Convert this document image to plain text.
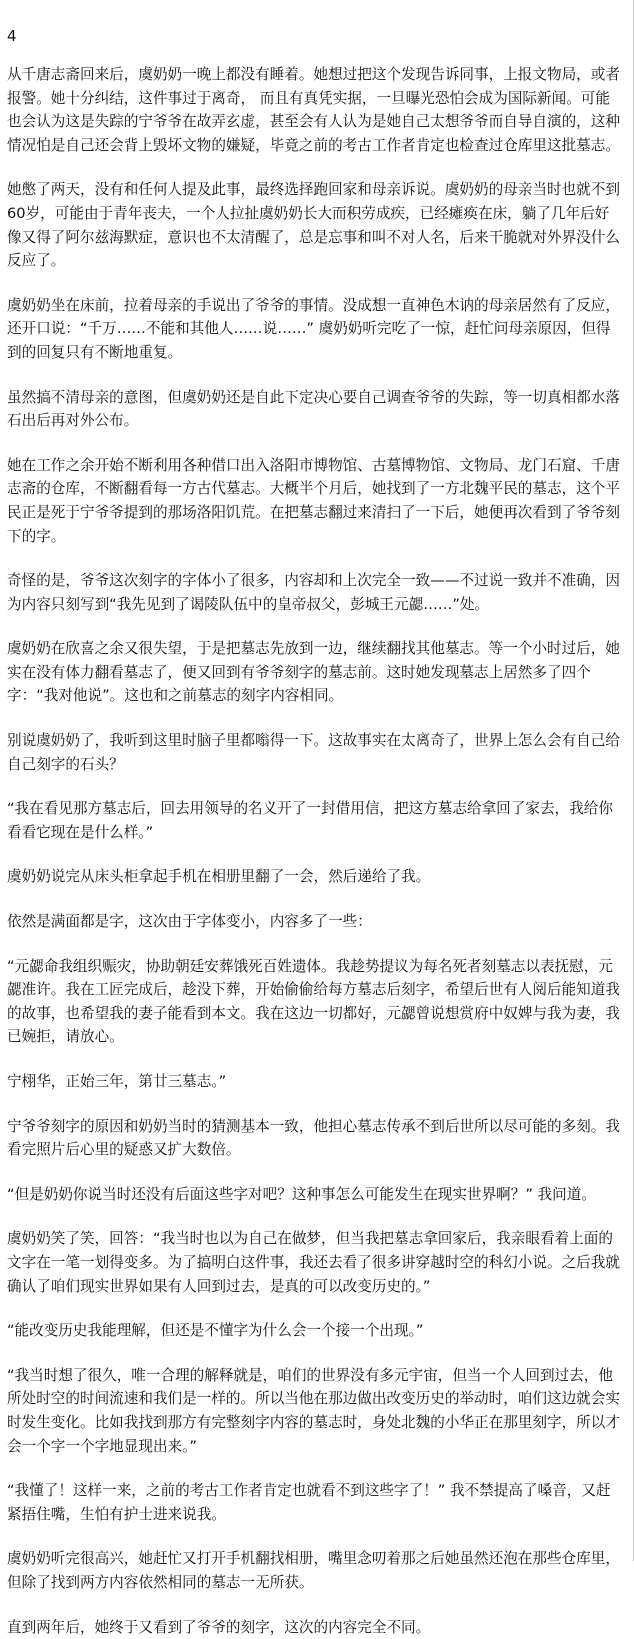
4

从千唐志斋回来后，虞奶奶一晚上都没有睡着。她想过把这个发现告诉同事，上报文物局，或者报警。她十分纠结，这件事过于离奇， 而且有真凭实据，一旦曝光恐怕会成为国际新闻。可能也会认为这是失踪的宁爷爷在故弄玄虚，甚至会有人认为是她自己太想爷爷而自导自演的，这种情况怕是自己还会背上毁坏文物的嫌疑，毕竟之前的考古工作者肯定也检查过仓库里这批墓志。

她憋了两天，没有和任何人提及此事，最终选择跑回家和母亲诉说。虞奶奶的母亲当时也就不到60岁，可能由于青年丧夫，一个人拉扯虞奶奶长大而积劳成疾，已经瘫痪在床，躺了几年后好像又得了阿尔兹海默症，意识也不太清醒了，总是忘事和叫不对人名，后来干脆就对外界没什么反应了。

虞奶奶坐在床前，拉着母亲的手说出了爷爷的事情。没成想一直神色木讷的母亲居然有了反应，还开口说：“千万……不能和其他人……说……” 虞奶奶听完吃了一惊，赶忙问母亲原因，但得到的回复只有不断地重复。

虽然搞不清母亲的意图，但虞奶奶还是自此下定决心要自己调查爷爷的失踪，等一切真相都水落石出后再对外公布。

她在工作之余开始不断利用各种借口出入洛阳市博物馆、古墓博物馆、文物局、龙门石窟、千唐志斋的仓库，不断翻看每一方古代墓志。大概半个月后，她找到了一方北魏平民的墓志，这个平民正是死于宁爷爷提到的那场洛阳饥荒。在把墓志翻过来清扫了一下后，她便再次看到了爷爷刻下的字。

奇怪的是，爷爷这次刻字的字体小了很多，内容却和上次完全一致——不过说一致并不准确，因为内容只刻写到“我先见到了谒陵队伍中的皇帝叔父，彭城王元勰……”处。

虞奶奶在欣喜之余又很失望，于是把墓志先放到一边，继续翻找其他墓志。等一个小时过后，她实在没有体力翻看墓志了，便又回到有爷爷刻字的墓志前。这时她发现墓志上居然多了四个字：“我对他说”。这也和之前墓志的刻字内容相同。

别说虞奶奶了，我听到这里时脑子里都嗡得一下。这故事实在太离奇了，世界上怎么会有自己给自己刻字的石头？

“我在看见那方墓志后，回去用领导的名义开了一封借用信，把这方墓志给拿回了家去，我给你看看它现在是什么样。”

虞奶奶说完从床头柜拿起手机在相册里翻了一会，然后递给了我。

依然是满面都是字，这次由于字体变小，内容多了一些：

“元勰命我组织赈灾，协助朝廷安葬饿死百姓遗体。我趁势提议为每名死者刻墓志以表抚慰，元勰准许。我在工匠完成后，趁没下葬，开始偷偷给每方墓志后刻字，希望后世有人阅后能知道我的故事，也希望我的妻子能看到本文。我在这边一切都好，元勰曾说想赏府中奴婢与我为妻，我已婉拒，请放心。

宁栩华，正始三年，第廿三墓志。”

宁爷爷刻字的原因和奶奶当时的猜测基本一致，他担心墓志传承不到后世所以尽可能的多刻。我看完照片后心里的疑惑又扩大数倍。

“但是奶奶你说当时还没有后面这些字对吧？这种事怎么可能发生在现实世界啊？” 我问道。

虞奶奶笑了笑，回答：“我当时也以为自己在做梦，但当我把墓志拿回家后，我亲眼看着上面的文字在一笔一划得变多。为了搞明白这件事，我还去看了很多讲穿越时空的科幻小说。之后我就确认了咱们现实世界如果有人回到过去，是真的可以改变历史的。”

“能改变历史我能理解，但还是不懂字为什么会一个接一个出现。”

“我当时想了很久，唯一合理的解释就是，咱们的世界没有多元宇宙，但当一个人回到过去，他所处时空的时间流速和我们是一样的。所以当他在那边做出改变历史的举动时，咱们这边就会实时发生变化。比如我找到那方有完整刻字内容的墓志时，身处北魏的小华正在那里刻字，所以才会一个字一个字地显现出来。”

“我懂了！这样一来，之前的考古工作者肯定也就看不到这些字了！” 我不禁提高了嗓音，又赶紧捂住嘴，生怕有护士进来说我。

虞奶奶听完很高兴，她赶忙又打开手机翻找相册，嘴里念叨着那之后她虽然还泡在那些仓库里，但除了找到两方内容依然相同的墓志一无所获。

直到两年后，她终于又看到了爷爷的刻字，这次的内容完全不同。
